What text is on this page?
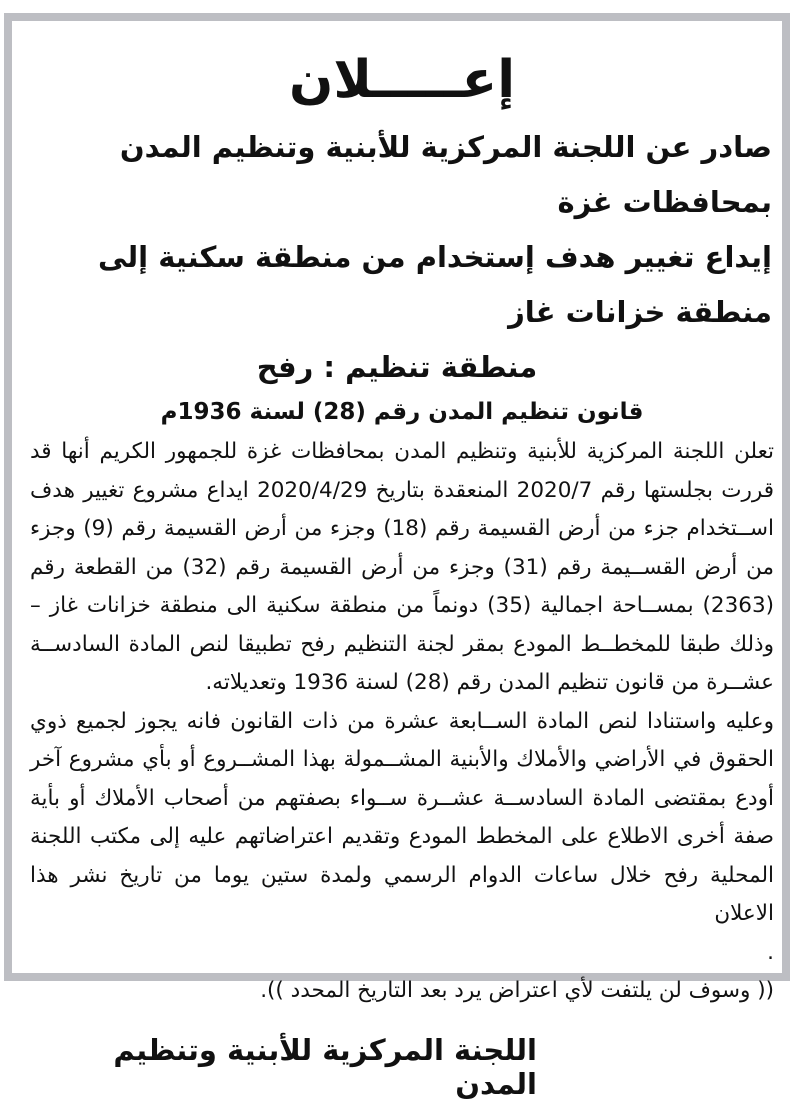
إعـــــلان
صادر عن اللجنة المركزية للأبنية وتنظيم المدن بمحافظات غزة
إيداع تغيير هدف إستخدام من منطقة سكنية إلى منطقة خزانات غاز
منطقة تنظيم : رفح
قانون تنظيم المدن رقم (28) لسنة 1936م

تعلن اللجنة المركزية للأبنية وتنظيم المدن بمحافظات غزة للجمهور الكريم أنها قد قررت بجلستها رقم 2020/7 المنعقدة بتاريخ 2020/4/29 ايداع مشروع تغيير هدف اســتخدام جزء من أرض القسيمة رقم (18) وجزء من أرض القسيمة رقم (9) وجزء من أرض القســيمة رقم (31) وجزء من أرض القسيمة رقم (32) من القطعة رقم (2363) بمســاحة اجمالية (35) دونماً من منطقة سكنية الى منطقة خزانات غاز – وذلك طبقا للمخطــط المودع بمقر لجنة التنظيم رفح تطبيقا لنص المادة السادســة عشــرة من قانون تنظيم المدن رقم (28) لسنة 1936 وتعديلاته.

وعليه واستنادا لنص المادة الســابعة عشرة من ذات القانون فانه يجوز لجميع ذوي الحقوق في الأراضي والأملاك والأبنية المشــمولة بهذا المشــروع أو بأي مشروع آخر أودع بمقتضى المادة السادســة عشــرة ســواء بصفتهم من أصحاب الأملاك أو بأية صفة أخرى الاطلاع على المخطط المودع وتقديم اعتراضاتهم عليه إلى مكتب اللجنة المحلية رفح خلال ساعات الدوام الرسمي ولمدة ستين يوما من تاريخ نشر هذا الاعلان

.

(( وسوف لن يلتفت لأي اعتراض يرد بعد التاريخ المحدد )).

اللجنة المركزية للأبنية وتنظيم المدن
